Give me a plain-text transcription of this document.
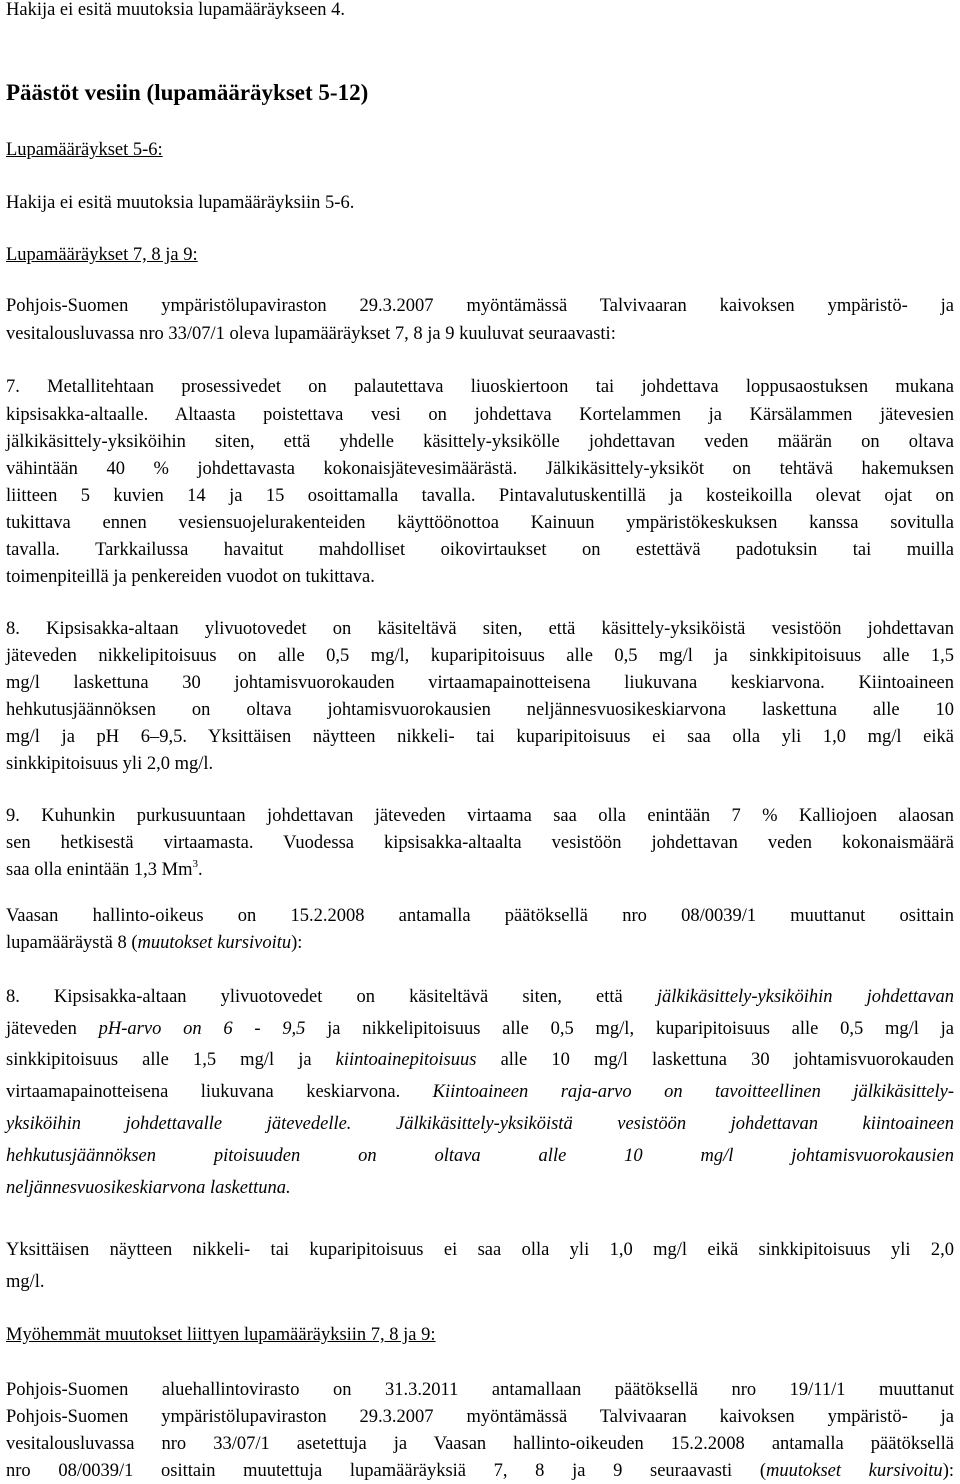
Hakija ei esitä muutoksia lupamääräykseen 4.

Päästöt vesiin (lupamääräykset 5-12)

Lupamääräykset 5-6:

Hakija ei esitä muutoksia lupamääräyksiin 5-6.

Lupamääräykset 7, 8 ja 9:

Pohjois-Suomen ympäristölupaviraston 29.3.2007 myöntämässä Talvivaaran kaivoksen ympäristö- ja

vesitalousluvassa nro 33/07/1 oleva lupamääräykset 7, 8 ja 9 kuuluvat seuraavasti:

7. Metallitehtaan prosessivedet on palautettava liuoskiertoon tai johdettava loppusaostuksen mukana

kipsisakka-altaalle. Altaasta poistettava vesi on johdettava Kortelammen ja Kärsälammen jätevesien

jälkikäsittely-yksiköihin siten, että yhdelle käsittely-yksikölle johdettavan veden määrän on oltava

vähintään 40 % johdettavasta kokonaisjätevesimäärästä. Jälkikäsittely-yksiköt on tehtävä hakemuksen

liitteen 5 kuvien 14 ja 15 osoittamalla tavalla. Pintavalutuskentillä ja kosteikoilla olevat ojat on

tukittava ennen vesiensuojelurakenteiden käyttöönottoa Kainuun ympäristökeskuksen kanssa sovitulla

tavalla. Tarkkailussa havaitut mahdolliset oikovirtaukset on estettävä padotuksin tai muilla

toimenpiteillä ja penkereiden vuodot on tukittava.

8. Kipsisakka-altaan ylivuotovedet on käsiteltävä siten, että käsittely-yksiköistä vesistöön johdettavan

jäteveden nikkelipitoisuus on alle 0,5 mg/l, kuparipitoisuus alle 0,5 mg/l ja sinkkipitoisuus alle 1,5

mg/l laskettuna 30 johtamisvuorokauden virtaamapainotteisena liukuvana keskiarvona. Kiintoaineen

hehkutusjäännöksen on oltava johtamisvuorokausien neljännesvuosikeskiarvona laskettuna alle 10

mg/l ja pH 6–9,5. Yksittäisen näytteen nikkeli- tai kuparipitoisuus ei saa olla yli 1,0 mg/l eikä

sinkkipitoisuus yli 2,0 mg/l.

9. Kuhunkin purkusuuntaan johdettavan jäteveden virtaama saa olla enintään 7 % Kalliojoen alaosan

sen hetkisestä virtaamasta. Vuodessa kipsisakka-altaalta vesistöön johdettavan veden kokonaismäärä

saa olla enintään 1,3 Mm$^3$.

Vaasan hallinto-oikeus on 15.2.2008 antamalla päätöksellä nro 08/0039/1 muuttanut osittain

lupamääräystä 8 (muutokset kursivoitu):

8. Kipsisakka-altaan ylivuotovedet on käsiteltävä siten, että jälkikäsittely-yksiköihin johdettavan

jäteveden pH-arvo on 6 - 9,5 ja nikkelipitoisuus alle 0,5 mg/l, kuparipitoisuus alle 0,5 mg/l ja

sinkkipitoisuus alle 1,5 mg/l ja kiintoainepitoisuus alle 10 mg/l laskettuna 30 johtamisvuorokauden

virtaamapainotteisena liukuvana keskiarvona. Kiintoaineen raja-arvo on tavoitteellinen jälkikäsittely-

yksiköihin johdettavalle jätevedelle. Jälkikäsittely-yksiköistä vesistöön johdettavan kiintoaineen

hehkutusjäännöksen pitoisuuden on oltava alle 10 mg/l johtamisvuorokausien

neljännesvuosikeskiarvona laskettuna.

Yksittäisen näytteen nikkeli- tai kuparipitoisuus ei saa olla yli 1,0 mg/l eikä sinkkipitoisuus yli 2,0

mg/l.

Myöhemmät muutokset liittyen lupamääräyksiin 7, 8 ja 9:

Pohjois-Suomen aluehallintovirasto on 31.3.2011 antamallaan päätöksellä nro 19/11/1 muuttanut

Pohjois-Suomen ympäristölupaviraston 29.3.2007 myöntämässä Talvivaaran kaivoksen ympäristö- ja

vesitalousluvassa nro 33/07/1 asetettuja ja Vaasan hallinto-oikeuden 15.2.2008 antamalla päätöksellä

nro 08/0039/1 osittain muutettuja lupamääräyksiä 7, 8 ja 9 seuraavasti (muutokset kursivoitu):
